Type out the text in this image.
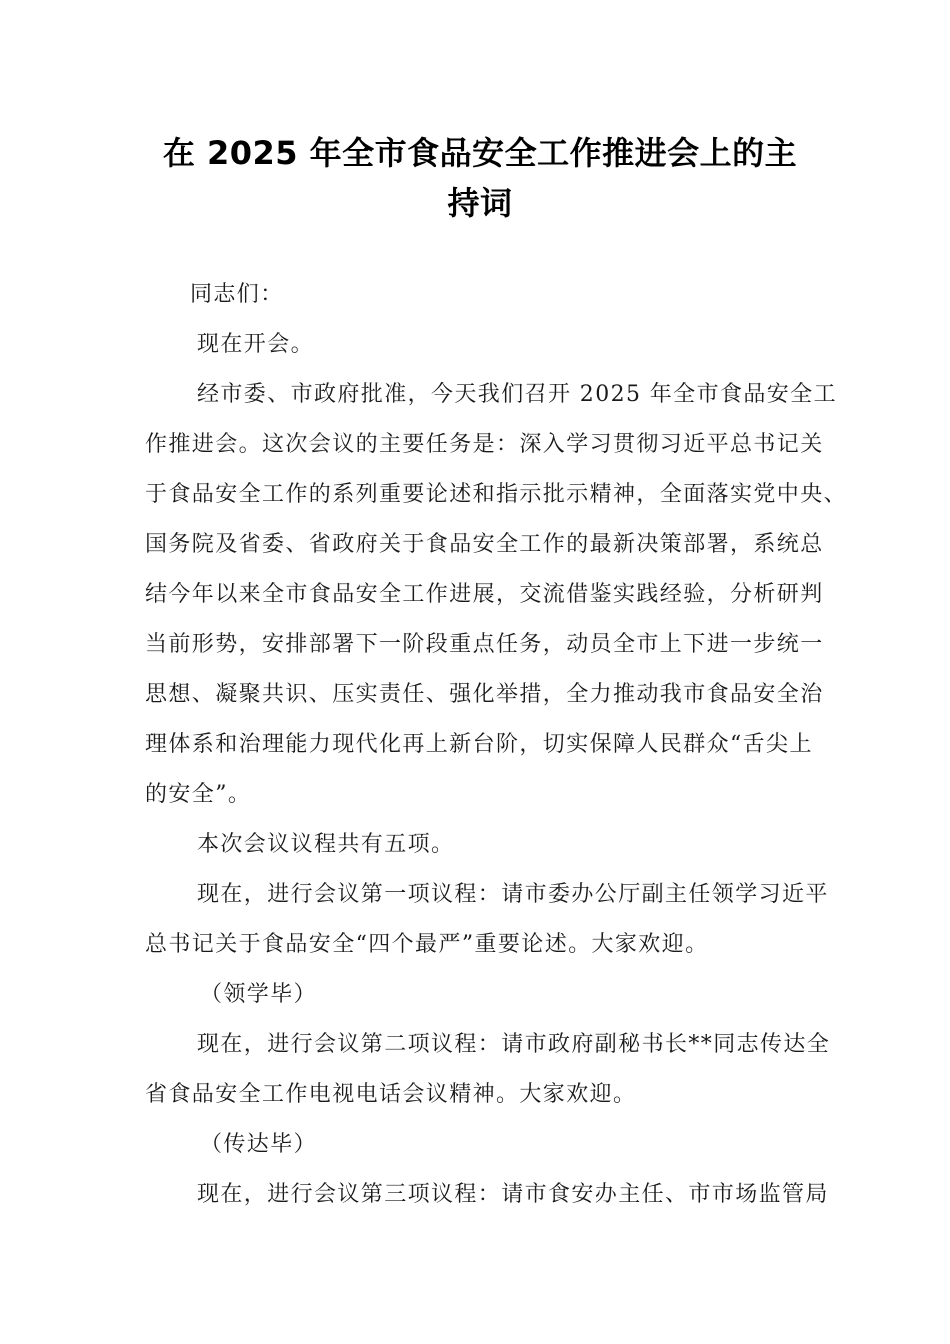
在 2025 年全市食品安全工作推进会上的主
持词
同志们：
现在开会。
经市委、市政府批准，今天我们召开 2025 年全市食品安全工
作推进会。这次会议的主要任务是：深入学习贯彻习近平总书记关
于食品安全工作的系列重要论述和指示批示精神，全面落实党中央、
国务院及省委、省政府关于食品安全工作的最新决策部署，系统总
结今年以来全市食品安全工作进展，交流借鉴实践经验，分析研判
当前形势，安排部署下一阶段重点任务，动员全市上下进一步统一
思想、凝聚共识、压实责任、强化举措，全力推动我市食品安全治
理体系和治理能力现代化再上新台阶，切实保障人民群众“舌尖上
的安全”。
本次会议议程共有五项。
现在，进行会议第一项议程：请市委办公厅副主任领学习近平
总书记关于食品安全“四个最严”重要论述。大家欢迎。
（领学毕）
现在，进行会议第二项议程：请市政府副秘书长**同志传达全
省食品安全工作电视电话会议精神。大家欢迎。
（传达毕）
现在，进行会议第三项议程：请市食安办主任、市市场监管局
